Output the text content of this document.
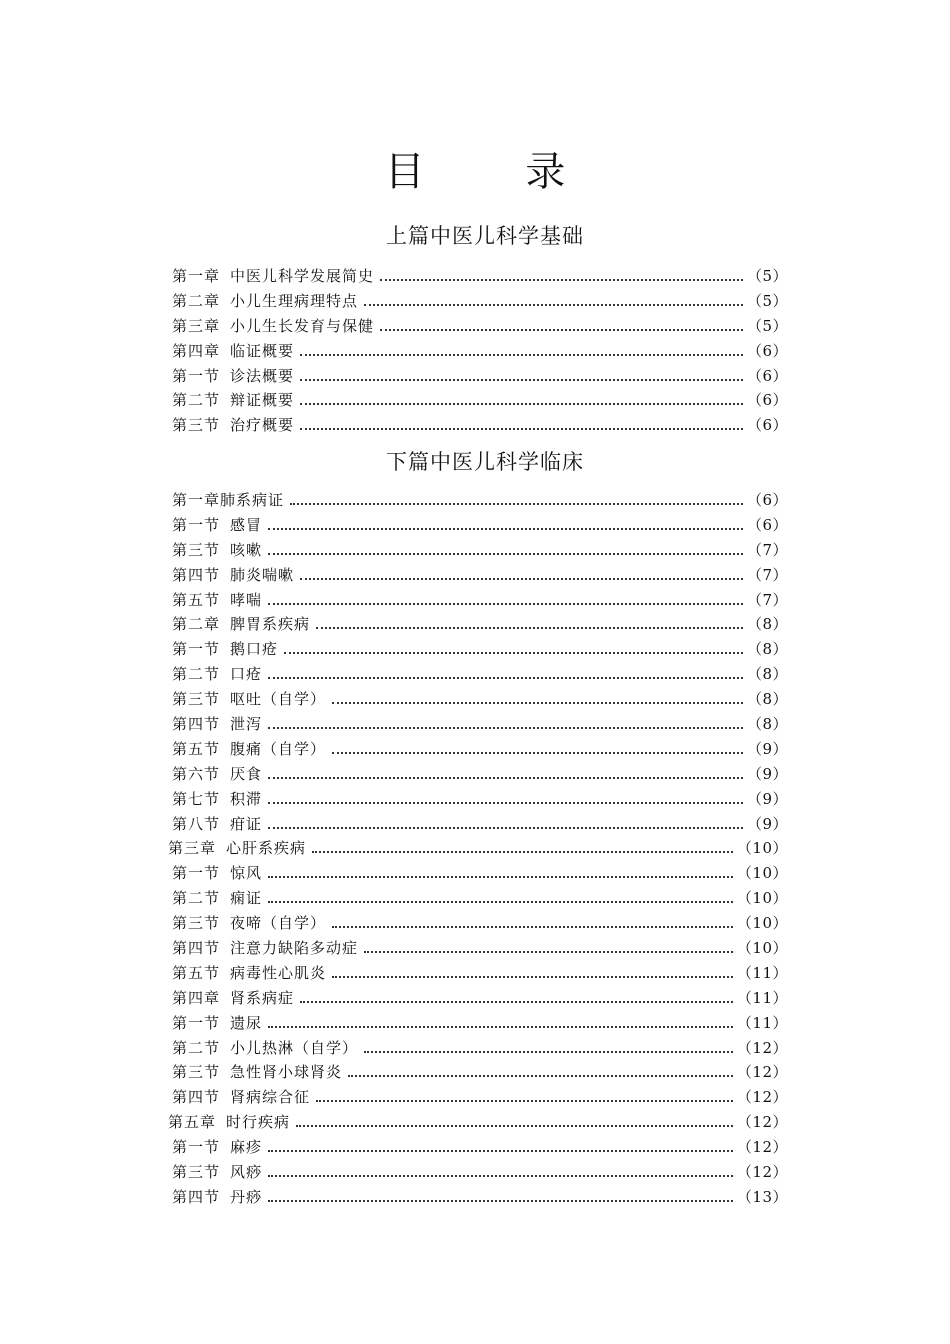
目 录
上篇中医儿科学基础
第一章 中医儿科学发展简史	（5）
第二章 小儿生理病理特点	（5）
第三章 小儿生长发育与保健	（5）
第四章 临证概要	（6）
第一节 诊法概要	（6）
第二节 辩证概要	（6）
第三节 治疗概要	（6）
下篇中医儿科学临床
第一章 肺系病证	（6）
第一节 感冒	（6）
第三节 咳嗽	（7）
第四节 肺炎喘嗽	（7）
第五节 哮喘	（7）
第二章 脾胃系疾病	（8）
第一节 鹅口疮	（8）
第二节 口疮	（8）
第三节 呕吐（自学）	（8）
第四节 泄泻	（8）
第五节 腹痛（自学）	（9）
第六节 厌食	（9）
第七节 积滞	（9）
第八节 疳证	（9）
第三章 心肝系疾病	（10）
第一节 惊风	（10）
第二节 痫证	（10）
第三节 夜啼（自学）	（10）
第四节 注意力缺陷多动症	（10）
第五节 病毒性心肌炎	（11）
第四章 肾系病症	（11）
第一节 遗尿	（11）
第二节 小儿热淋（自学）	（12）
第三节 急性肾小球肾炎	（12）
第四节 肾病综合征	（12）
第五章 时行疾病	（12）
第一节 麻疹	（12）
第三节 风痧	（12）
第四节 丹痧	（13）
